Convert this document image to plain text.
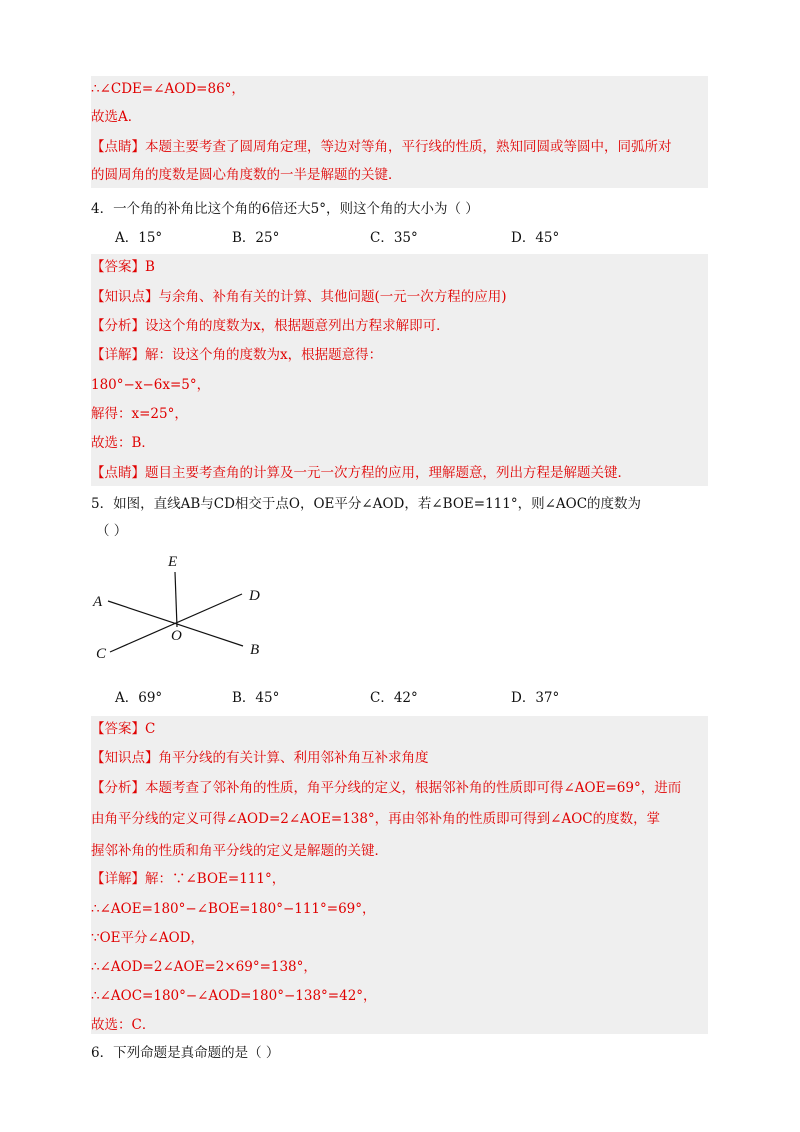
∴∠CDE=∠AOD=86°，
故选A．
【点睛】本题主要考查了圆周角定理，等边对等角，平行线的性质，熟知同圆或等圆中，同弧所对
的圆周角的度数是圆心角度数的一半是解题的关键．
4．一个角的补角比这个角的6倍还大5°，则这个角的大小为（ ）
A．15°	B．25°	C．35°	D．45°
【答案】B
【知识点】与余角、补角有关的计算、其他问题(一元一次方程的应用)
【分析】设这个角的度数为x，根据题意列出方程求解即可．
【详解】解：设这个角的度数为x，根据题意得：
180°−x−6x=5°，
解得：x=25°，
故选：B．
【点睛】题目主要考查角的计算及一元一次方程的应用，理解题意，列出方程是解题关键．
5．如图，直线AB与CD相交于点O，OE平分∠AOD，若∠BOE=111°，则∠AOC的度数为
（ ）
E
A	D
O
C	B
A．69°	B．45°	C．42°	D．37°
【答案】C
【知识点】角平分线的有关计算、利用邻补角互补求角度
【分析】本题考查了邻补角的性质，角平分线的定义，根据邻补角的性质即可得∠AOE=69°，进而
由角平分线的定义可得∠AOD=2∠AOE=138°，再由邻补角的性质即可得到∠AOC的度数，掌
握邻补角的性质和角平分线的定义是解题的关键．
【详解】解：∵∠BOE=111°，
∴∠AOE=180°−∠BOE=180°−111°=69°，
∵OE平分∠AOD，
∴∠AOD=2∠AOE=2×69°=138°，
∴∠AOC=180°−∠AOD=180°−138°=42°，
故选：C．
6．下列命题是真命题的是（ ）
